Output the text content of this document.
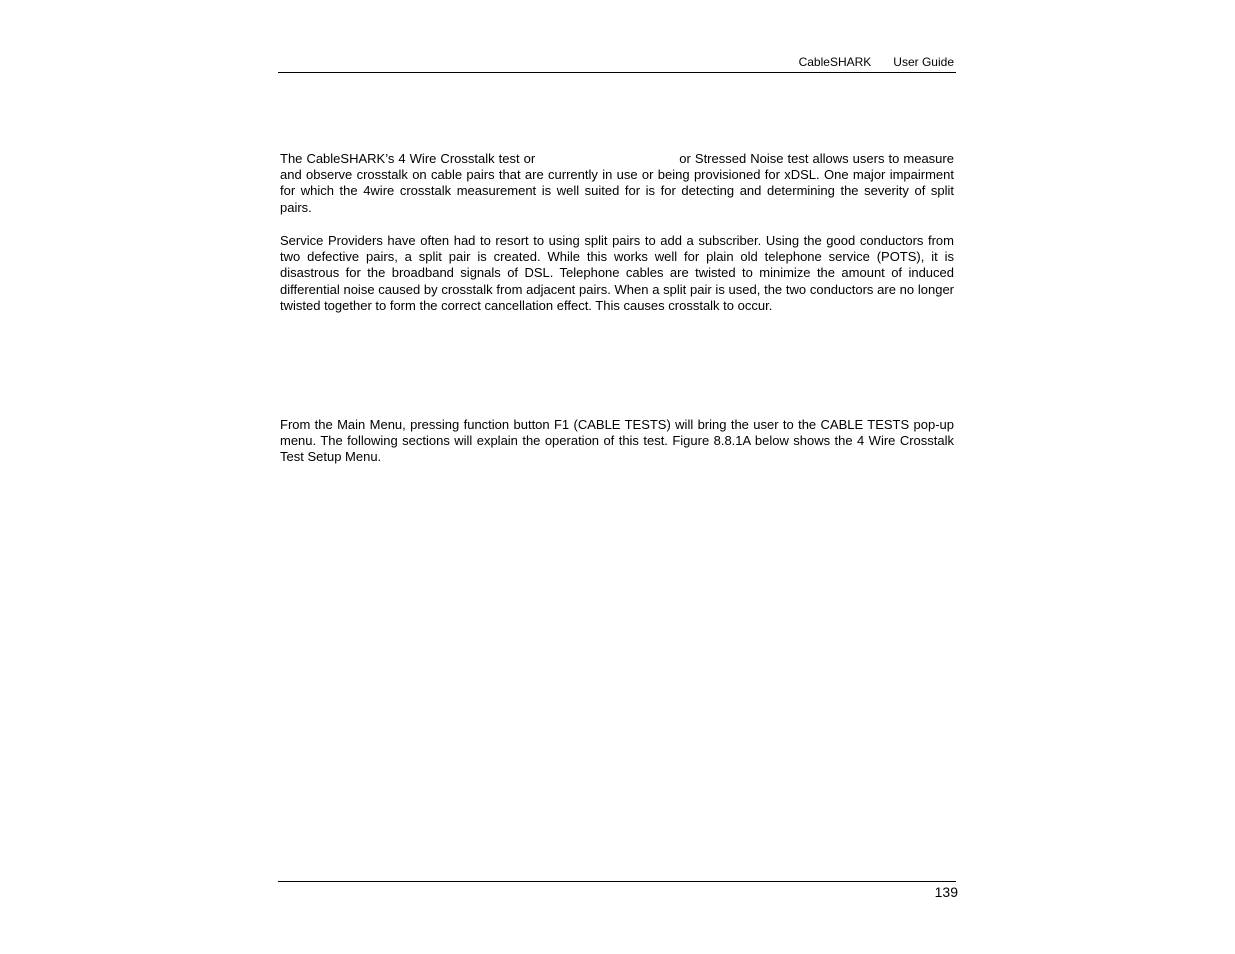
CableSHARK User Guide

The CableSHARK’s 4 Wire Crosstalk test or	or Stressed Noise test allows users to measure and observe crosstalk on cable pairs that are currently in use or being provisioned for xDSL. One major impairment for which the 4wire crosstalk measurement is well suited for is for detecting and determining the severity of split pairs.

Service Providers have often had to resort to using split pairs to add a subscriber. Using the good conductors from two defective pairs, a split pair is created. While this works well for plain old telephone service (POTS), it is disastrous for the broadband signals of DSL. Telephone cables are twisted to minimize the amount of induced differential noise caused by crosstalk from adjacent pairs. When a split pair is used, the two conductors are no longer twisted together to form the correct cancellation effect. This causes crosstalk to occur.

From the Main Menu, pressing function button F1 (CABLE TESTS) will bring the user to the CABLE TESTS pop-up menu. The following sections will explain the operation of this test. Figure 8.8.1A below shows the 4 Wire Crosstalk Test Setup Menu.

139
